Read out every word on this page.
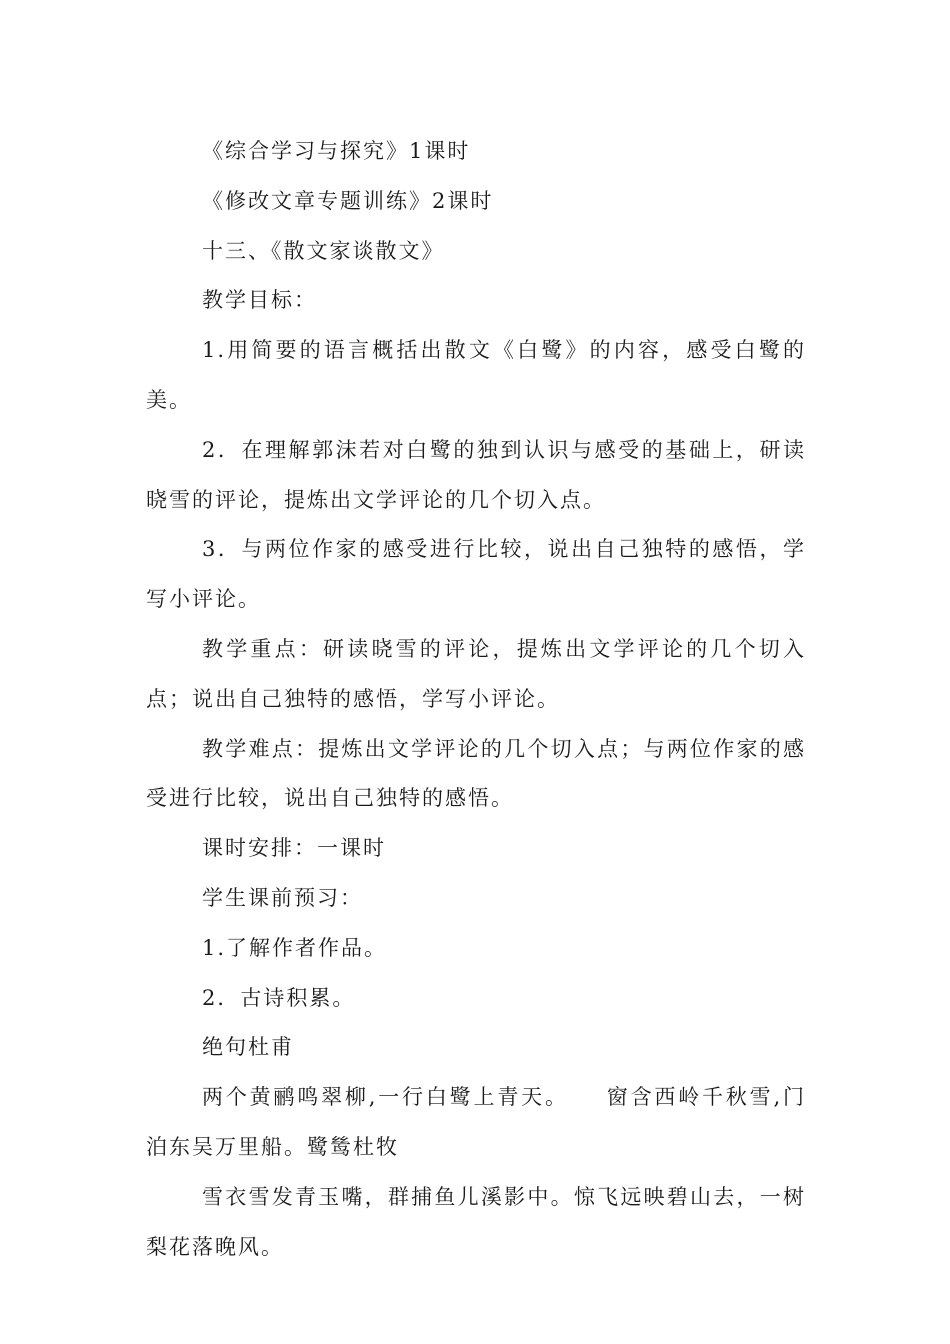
《综合学习与探究》1课时

《修改文章专题训练》2课时

十三、《散文家谈散文》

教学目标：

1.用简要的语言概括出散文《白鹭》的内容，感受白鹭的美。

2．在理解郭沫若对白鹭的独到认识与感受的基础上，研读晓雪的评论，提炼出文学评论的几个切入点。

3．与两位作家的感受进行比较，说出自己独特的感悟，学写小评论。

教学重点：研读晓雪的评论，提炼出文学评论的几个切入点；说出自己独特的感悟，学写小评论。

教学难点：提炼出文学评论的几个切入点；与两位作家的感受进行比较，说出自己独特的感悟。

课时安排：一课时

学生课前预习：

1.了解作者作品。

2．古诗积累。

绝句杜甫

两个黄鹂鸣翠柳,一行白鹭上青天。    窗含西岭千秋雪,门泊东吴万里船。鹭鸶杜牧

雪衣雪发青玉嘴，群捕鱼儿溪影中。惊飞远映碧山去，一树梨花落晚风。
